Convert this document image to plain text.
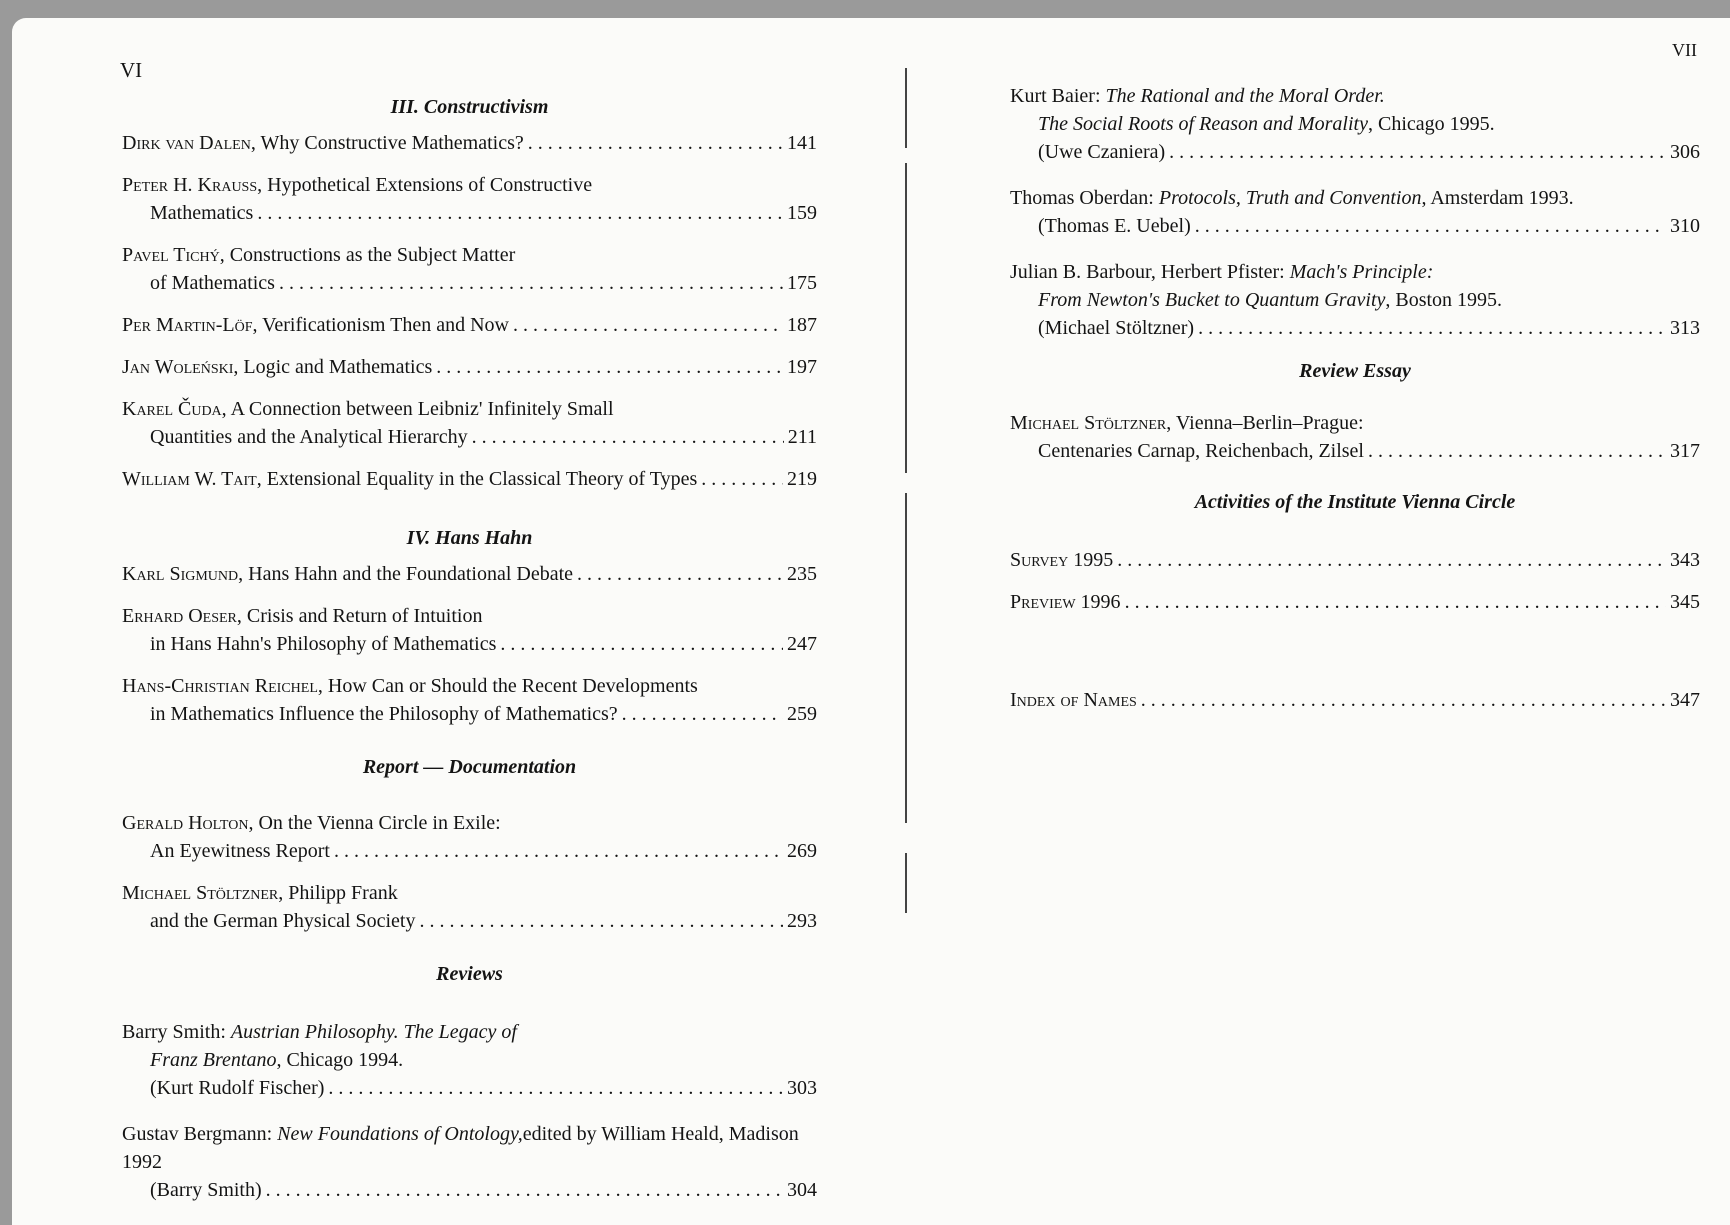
VI
III. Constructivism
Dirk van Dalen, Why Constructive Mathematics? . . .	141
Peter H. Krauss, Hypothetical Extensions of Constructive
Mathematics . . .	159
Pavel Tichý, Constructions as the Subject Matter
of Mathematics . . .	175
Per Martin-Löf, Verificationism Then and Now . . .	187
Jan Woleński, Logic and Mathematics . . .	197
Karel Čuda, A Connection between Leibniz' Infinitely Small
Quantities and the Analytical Hierarchy . . .	211
William W. Tait, Extensional Equality in the Classical Theory of Types . . .	219
IV. Hans Hahn
Karl Sigmund, Hans Hahn and the Foundational Debate . . .	235
Erhard Oeser, Crisis and Return of Intuition
in Hans Hahn's Philosophy of Mathematics . . .	247
Hans-Christian Reichel, How Can or Should the Recent Developments
in Mathematics Influence the Philosophy of Mathematics? . . .	259
Report — Documentation
Gerald Holton, On the Vienna Circle in Exile:
An Eyewitness Report . . .	269
Michael Stöltzner, Philipp Frank
and the German Physical Society . . .	293
Reviews
Barry Smith: Austrian Philosophy. The Legacy of
Franz Brentano, Chicago 1994.
(Kurt Rudolf Fischer) . . .	303
Gustav Bergmann: New Foundations of Ontology,edited by William Heald, Madison 1992
(Barry Smith) . . .	304
VII
Kurt Baier: The Rational and the Moral Order.
The Social Roots of Reason and Morality, Chicago 1995.
(Uwe Czaniera) . . .	306
Thomas Oberdan: Protocols, Truth and Convention, Amsterdam 1993.
(Thomas E. Uebel) . . .	310
Julian B. Barbour, Herbert Pfister: Mach's Principle:
From Newton's Bucket to Quantum Gravity, Boston 1995.
(Michael Stöltzner) . . .	313
Review Essay
Michael Stöltzner, Vienna–Berlin–Prague:
Centenaries Carnap, Reichenbach, Zilsel . . .	317
Activities of the Institute Vienna Circle
Survey 1995 . . .	343
Preview 1996 . . .	345
Index of Names . . .	347
